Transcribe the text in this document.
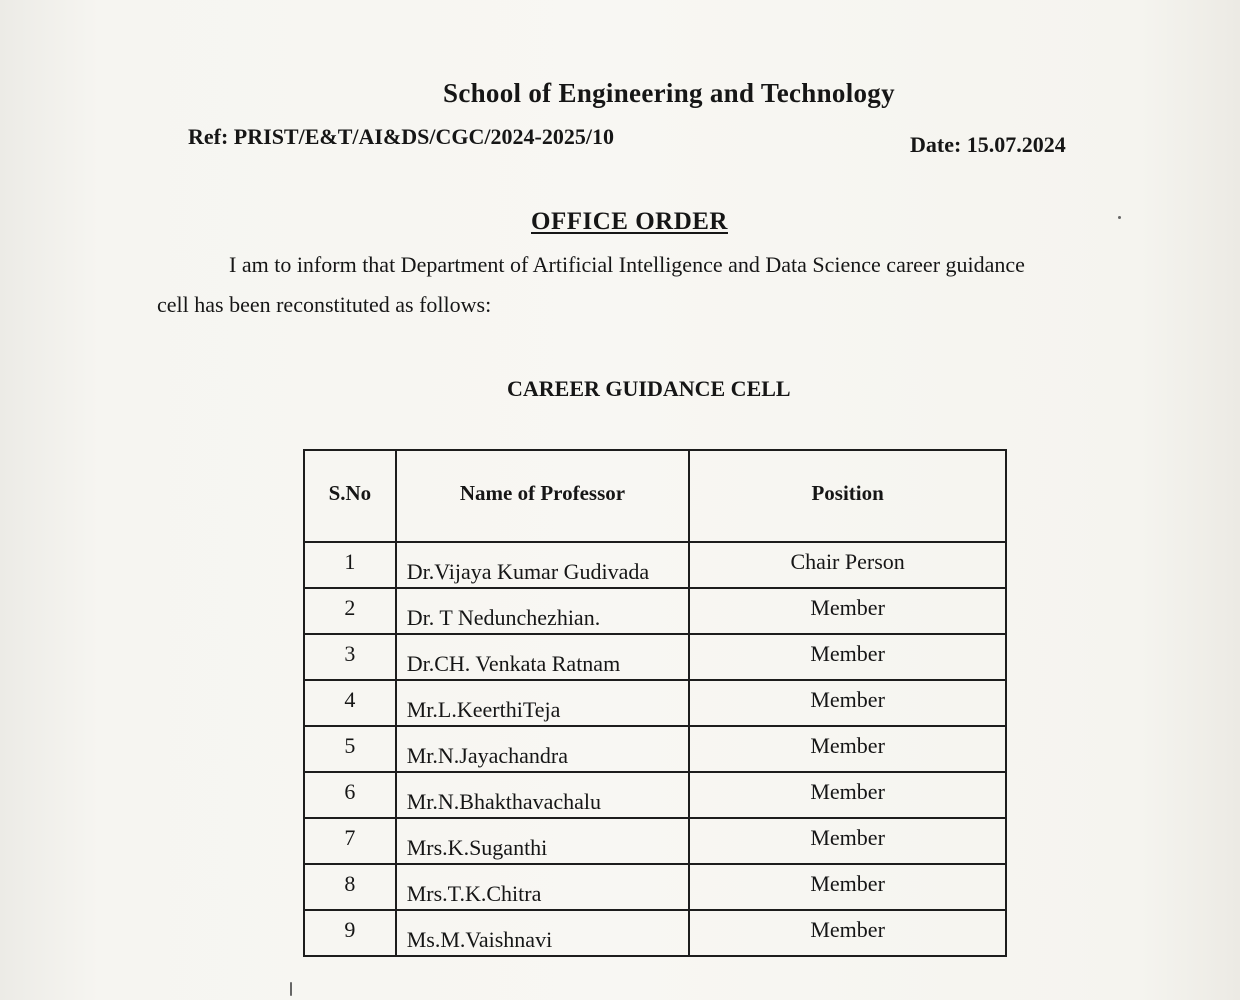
School of Engineering and Technology
Ref: PRIST/E&T/AI&DS/CGC/2024-2025/10	Date: 15.07.2024
OFFICE ORDER
I am to inform that Department of Artificial Intelligence and Data Science career guidance
cell has been reconstituted as follows:
CAREER GUIDANCE CELL
S.No	Name of Professor	Position
1	Dr.Vijaya Kumar Gudivada	Chair Person
2	Dr. T Nedunchezhian.	Member
3	Dr.CH. Venkata Ratnam	Member
4	Mr.L.KeerthiTeja	Member
5	Mr.N.Jayachandra	Member
6	Mr.N.Bhakthavachalu	Member
7	Mrs.K.Suganthi	Member
8	Mrs.T.K.Chitra	Member
9	Ms.M.Vaishnavi	Member
